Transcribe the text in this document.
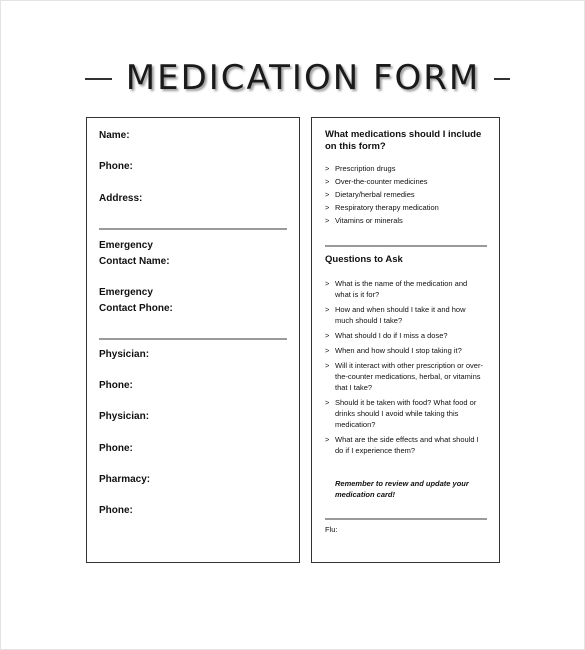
MEDICATION FORM
Name:
Phone:
Address:
Emergency
Contact Name:
Emergency
Contact Phone:
Physician:
Phone:
Physician:
Phone:
Pharmacy:
Phone:
What medications should I include on this form?
> Prescription drugs
> Over-the-counter medicines
> Dietary/herbal remedies
> Respiratory therapy medication
> Vitamins or minerals
Questions to Ask
> What is the name of the medication and what is it for?
> How and when should I take it and how much should I take?
> What should I do if I miss a dose?
> When and how should I stop taking it?
> Will it interact with other prescription or over-the-counter medications, herbal, or vitamins that I take?
> Should it be taken with food? What food or drinks should I avoid while taking this medication?
> What are the side effects and what should I do if I experience them?
Remember to review and update your medication card!
Flu:
